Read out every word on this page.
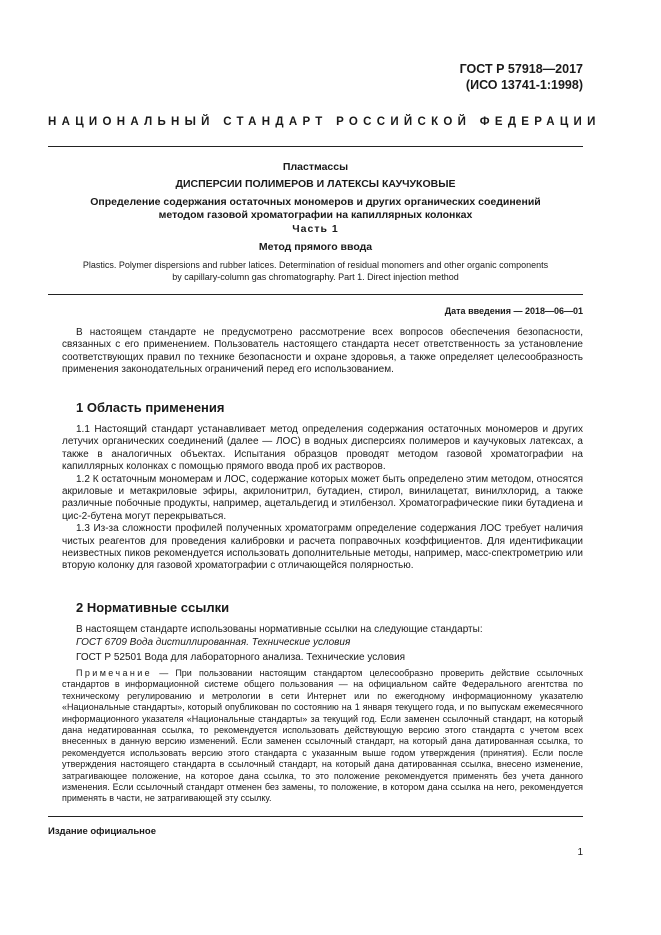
ГОСТ Р 57918—2017
(ИСО 13741-1:1998)
НАЦИОНАЛЬНЫЙ СТАНДАРТ РОССИЙСКОЙ ФЕДЕРАЦИИ
Пластмассы
ДИСПЕРСИИ ПОЛИМЕРОВ И ЛАТЕКСЫ КАУЧУКОВЫЕ
Определение содержания остаточных мономеров и других органических соединений
методом газовой хроматографии на капиллярных колонках
Часть 1
Метод прямого ввода
Plastics. Polymer dispersions and rubber latices. Determination of residual monomers and other organic components
by capillary-column gas chromatography. Part 1. Direct injection method
Дата введения — 2018—06—01

В настоящем стандарте не предусмотрено рассмотрение всех вопросов обеспечения безопасности, связанных с его применением. Пользователь настоящего стандарта несет ответственность за установление соответствующих правил по технике безопасности и охране здоровья, а также определяет целесообразность применения законодательных ограничений перед его использованием.

1 Область применения

1.1 Настоящий стандарт устанавливает метод определения содержания остаточных мономеров и других летучих органических соединений (далее — ЛОС) в водных дисперсиях полимеров и каучуковых латексах, а также в аналогичных объектах. Испытания образцов проводят методом газовой хроматографии на капиллярных колонках с помощью прямого ввода проб их растворов.

1.2 К остаточным мономерам и ЛОС, содержание которых может быть определено этим методом, относятся акриловые и метакриловые эфиры, акрилонитрил, бутадиен, стирол, винилацетат, винилхлорид, а также различные побочные продукты, например, ацетальдегид и этилбензол. Хроматографические пики бутадиена и цис-2-бутена могут перекрываться.

1.3 Из-за сложности профилей полученных хроматограмм определение содержания ЛОС требует наличия чистых реагентов для проведения калибровки и расчета поправочных коэффициентов. Для идентификации неизвестных пиков рекомендуется использовать дополнительные методы, например, масс-спектрометрию или вторую колонку для газовой хроматографии с отличающейся полярностью.

2 Нормативные ссылки
В настоящем стандарте использованы нормативные ссылки на следующие стандарты:
ГОСТ 6709 Вода дистиллированная. Технические условия
ГОСТ Р 52501 Вода для лабораторного анализа. Технические условия
Примечание — При пользовании настоящим стандартом целесообразно проверить действие ссылочных стандартов в информационной системе общего пользования — на официальном сайте Федерального агентства по техническому регулированию и метрологии в сети Интернет или по ежегодному информационному указателю «Национальные стандарты», который опубликован по состоянию на 1 января текущего года, и по выпускам ежемесячного информационного указателя «Национальные стандарты» за текущий год. Если заменен ссылочный стандарт, на который дана недатированная ссылка, то рекомендуется использовать действующую версию этого стандарта с учетом всех внесенных в данную версию изменений. Если заменен ссылочный стандарт, на который дана датированная ссылка, то рекомендуется использовать версию этого стандарта с указанным выше годом утверждения (принятия). Если после утверждения настоящего стандарта в ссылочный стандарт, на который дана датированная ссылка, внесено изменение, затрагивающее положение, на которое дана ссылка, то это положение рекомендуется применять без учета данного изменения. Если ссылочный стандарт отменен без замены, то положение, в котором дана ссылка на него, рекомендуется применять в части, не затрагивающей эту ссылку.
Издание официальное
1
